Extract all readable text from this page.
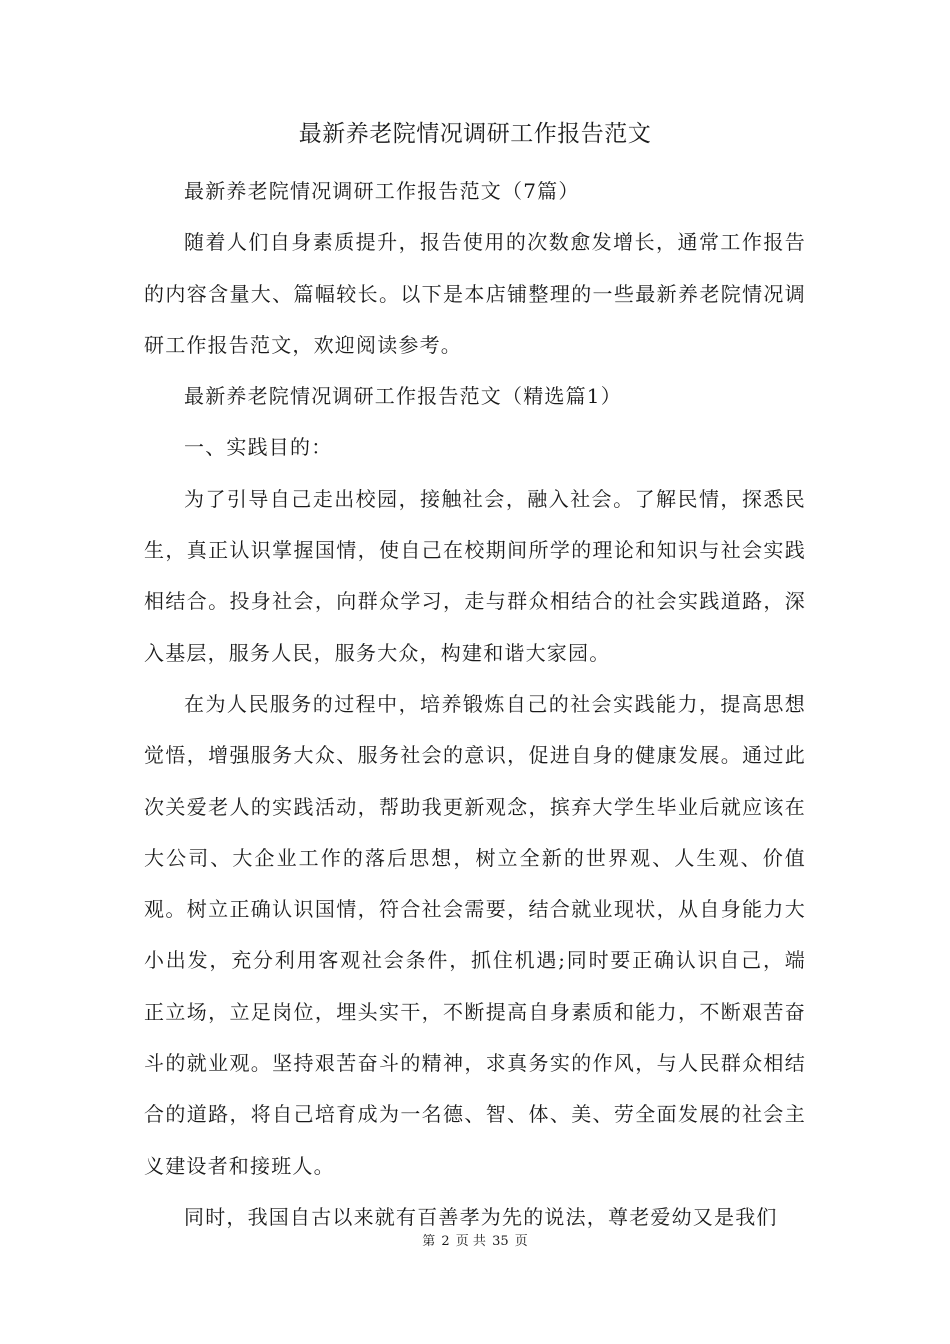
最新养老院情况调研工作报告范文

最新养老院情况调研工作报告范文（7篇）

随着人们自身素质提升，报告使用的次数愈发增长，通常工作报告的内容含量大、篇幅较长。以下是本店铺整理的一些最新养老院情况调研工作报告范文，欢迎阅读参考。

最新养老院情况调研工作报告范文（精选篇1）

一、实践目的：

为了引导自己走出校园，接触社会，融入社会。了解民情，探悉民生，真正认识掌握国情，使自己在校期间所学的理论和知识与社会实践相结合。投身社会，向群众学习，走与群众相结合的社会实践道路，深入基层，服务人民，服务大众，构建和谐大家园。

在为人民服务的过程中，培养锻炼自己的社会实践能力，提高思想觉悟，增强服务大众、服务社会的意识，促进自身的健康发展。通过此次关爱老人的实践活动，帮助我更新观念，摈弃大学生毕业后就应该在大公司、大企业工作的落后思想，树立全新的世界观、人生观、价值观。树立正确认识国情，符合社会需要，结合就业现状，从自身能力大小出发，充分利用客观社会条件，抓住机遇;同时要正确认识自己，端正立场，立足岗位，埋头实干，不断提高自身素质和能力，不断艰苦奋斗的就业观。坚持艰苦奋斗的精神，求真务实的作风，与人民群众相结合的道路，将自己培育成为一名德、智、体、美、劳全面发展的社会主义建设者和接班人。

同时，我国自古以来就有百善孝为先的说法，尊老爱幼又是我们

第 2 页 共 35 页
